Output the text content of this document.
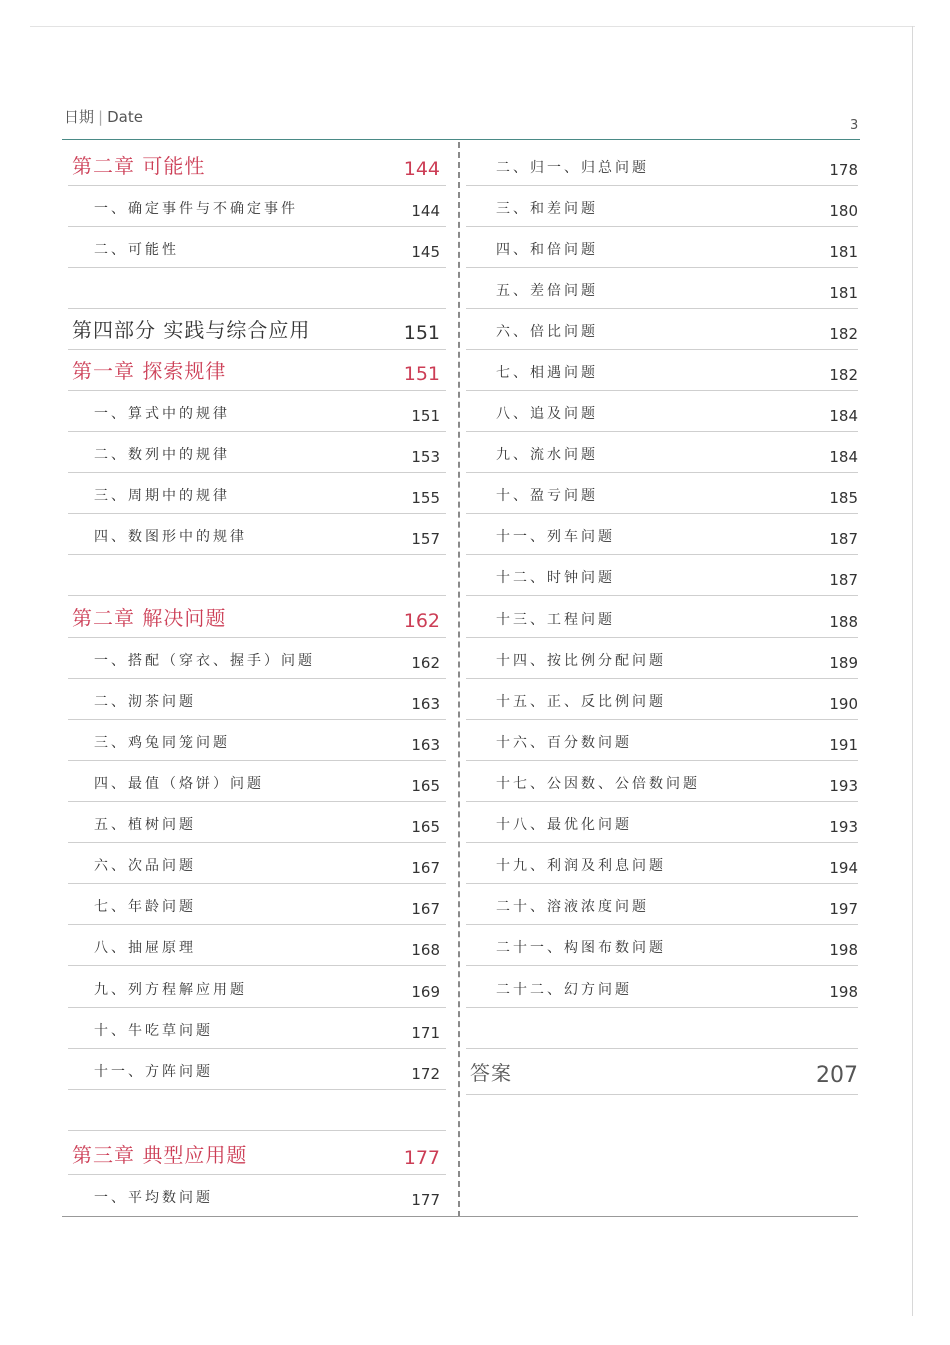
日期 | Date	3
第二章 可能性	144
一、确定事件与不确定事件	144
二、可能性	145
第四部分 实践与综合应用	151
第一章 探索规律	151
一、算式中的规律	151
二、数列中的规律	153
三、周期中的规律	155
四、数图形中的规律	157
第二章 解决问题	162
一、搭配（穿衣、握手）问题	162
二、沏茶问题	163
三、鸡兔同笼问题	163
四、最值（烙饼）问题	165
五、植树问题	165
六、次品问题	167
七、年龄问题	167
八、抽屉原理	168
九、列方程解应用题	169
十、牛吃草问题	171
十一、方阵问题	172
第三章 典型应用题	177
一、平均数问题	177
二、归一、归总问题	178
三、和差问题	180
四、和倍问题	181
五、差倍问题	181
六、倍比问题	182
七、相遇问题	182
八、追及问题	184
九、流水问题	184
十、盈亏问题	185
十一、列车问题	187
十二、时钟问题	187
十三、工程问题	188
十四、按比例分配问题	189
十五、正、反比例问题	190
十六、百分数问题	191
十七、公因数、公倍数问题	193
十八、最优化问题	193
十九、利润及利息问题	194
二十、溶液浓度问题	197
二十一、构图布数问题	198
二十二、幻方问题	198
答案	207
